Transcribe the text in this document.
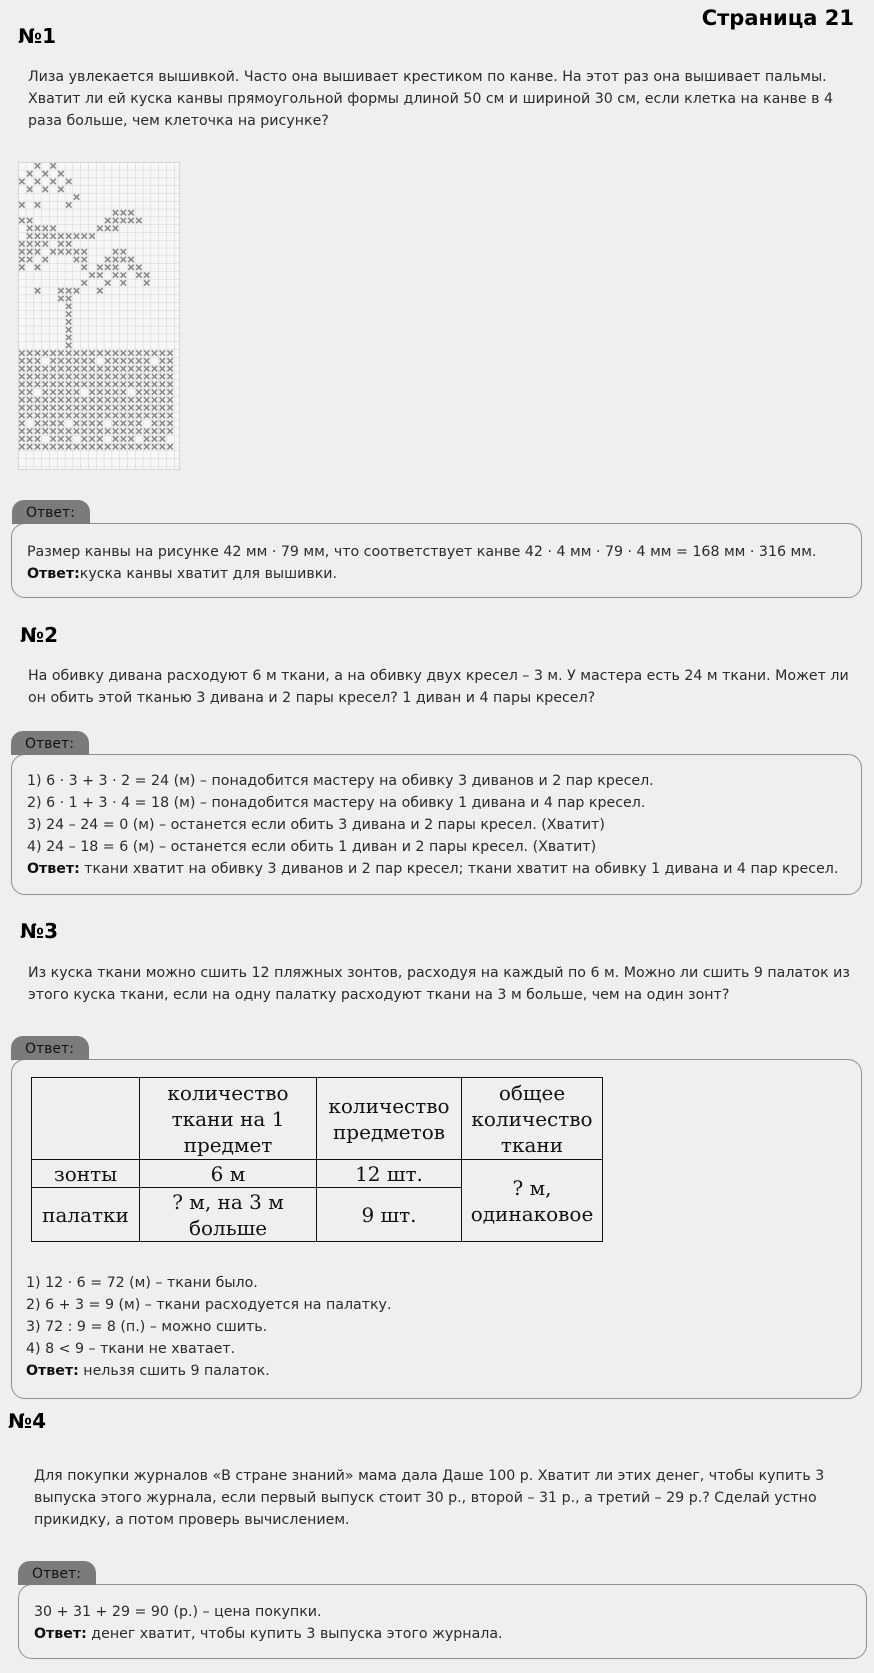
Страница 21
№1
Лиза увлекается вышивкой. Часто она вышивает крестиком по канве. На этот раз она вышивает пальмы.
Хватит ли ей куска канвы прямоугольной формы длиной 50 см и шириной 30 см, если клетка на канве в 4
раза больше, чем клеточка на рисунке?
Ответ:
Размер канвы на рисунке 42 мм · 79 мм, что соответствует канве 42 · 4 мм · 79 · 4 мм = 168 мм · 316 мм.
Ответ:куска канвы хватит для вышивки.
№2
На обивку дивана расходуют 6 м ткани, а на обивку двух кресел – 3 м. У мастера есть 24 м ткани. Может ли
он обить этой тканью 3 дивана и 2 пары кресел? 1 диван и 4 пары кресел?
Ответ:
1) 6 · 3 + 3 · 2 = 24 (м) – понадобится мастеру на обивку 3 диванов и 2 пар кресел.
2) 6 · 1 + 3 · 4 = 18 (м) – понадобится мастеру на обивку 1 дивана и 4 пар кресел.
3) 24 – 24 = 0 (м) – останется если обить 3 дивана и 2 пары кресел. (Хватит)
4) 24 – 18 = 6 (м) – останется если обить 1 диван и 2 пары кресел. (Хватит)
Ответ: ткани хватит на обивку 3 диванов и 2 пар кресел; ткани хватит на обивку 1 дивана и 4 пар кресел.
№3
Из куска ткани можно сшить 12 пляжных зонтов, расходуя на каждый по 6 м. Можно ли сшить 9 палаток из
этого куска ткани, если на одну палатку расходуют ткани на 3 м больше, чем на один зонт?
Ответ:
1) 12 · 6 = 72 (м) – ткани было.
2) 6 + 3 = 9 (м) – ткани расходуется на палатку.
3) 72 : 9 = 8 (п.) – можно сшить.
4) 8 < 9 – ткани не хватает.
Ответ: нельзя сшить 9 палаток.
	количество ткани на 1 предмет	количество предметов	общее количество ткани
зонты	6 м	12 шт.	? м, одинаковое
палатки	? м, на 3 м больше	9 шт.	
№4
Для покупки журналов «В стране знаний» мама дала Даше 100 р. Хватит ли этих денег, чтобы купить 3
выпуска этого журнала, если первый выпуск стоит 30 р., второй – 31 р., а третий – 29 р.? Сделай устно
прикидку, а потом проверь вычислением.
Ответ:
30 + 31 + 29 = 90 (р.) – цена покупки.
Ответ: денег хватит, чтобы купить 3 выпуска этого журнала.
